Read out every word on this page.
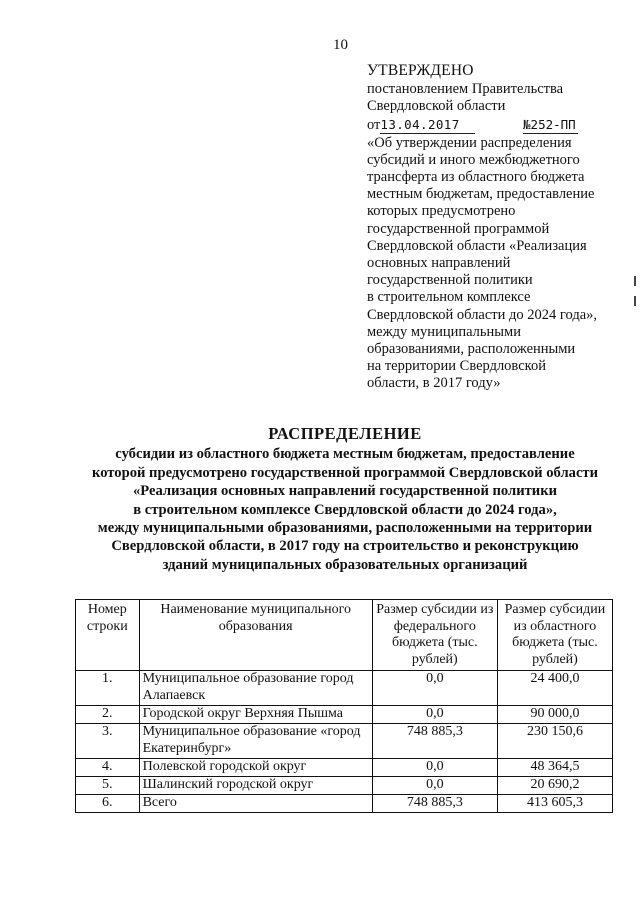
10
УТВЕРЖДЕНО
постановлением Правительства
Свердловской области
от13.04.2017	№252-ПП
«Об утверждении распределения
субсидий и иного межбюджетного
трансферта из областного бюджета
местным бюджетам, предоставление
которых предусмотрено
государственной программой
Свердловской области «Реализация
основных направлений
государственной политики
в строительном комплексе
Свердловской области до 2024 года»,
между муниципальными
образованиями, расположенными
на территории Свердловской
области, в 2017 году»
РАСПРЕДЕЛЕНИЕ
субсидии из областного бюджета местным бюджетам, предоставление
которой предусмотрено государственной программой Свердловской области
«Реализация основных направлений государственной политики
в строительном комплексе Свердловской области до 2024 года»,
между муниципальными образованиями, расположенными на территории
Свердловской области, в 2017 году на строительство и реконструкцию
зданий муниципальных образовательных организаций
Номер строки	Наименование муниципального образования	Размер субсидии из федерального бюджета (тыс. рублей)	Размер субсидии из областного бюджета (тыс. рублей)
1.	Муниципальное образование город Алапаевск	0,0	24 400,0
2.	Городской округ Верхняя Пышма	0,0	90 000,0
3.	Муниципальное образование «город Екатеринбург»	748 885,3	230 150,6
4.	Полевской городской округ	0,0	48 364,5
5.	Шалинский городской округ	0,0	20 690,2
6.	Всего	748 885,3	413 605,3
